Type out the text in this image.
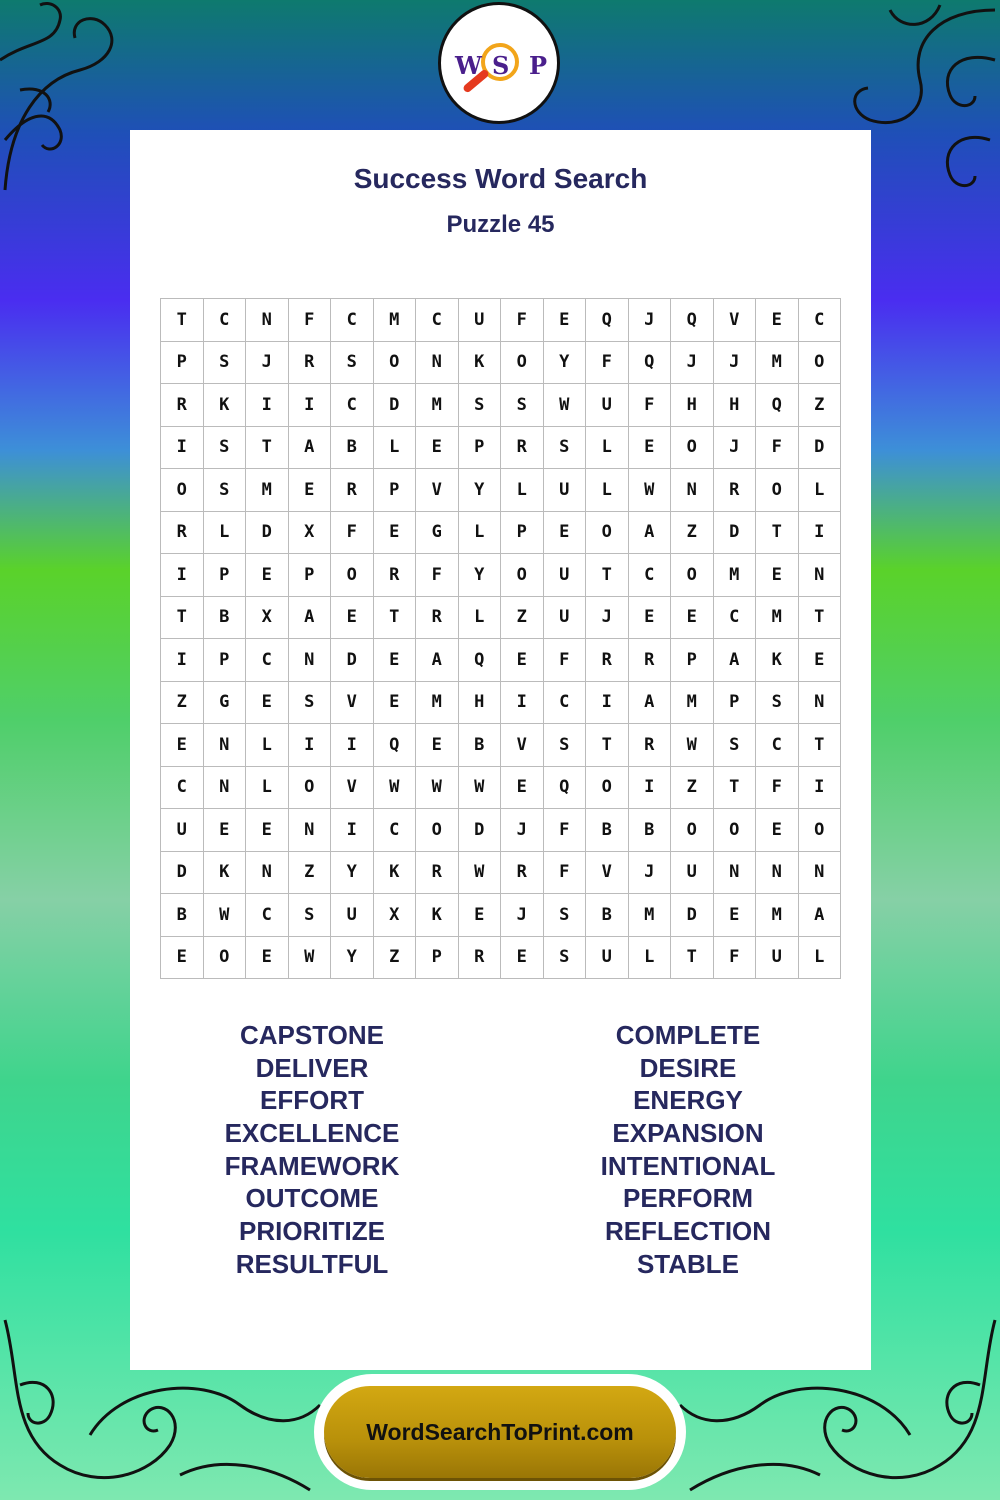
W S P
Success Word Search
Puzzle 45
T	C	N	F	C	M	C	U	F	E	Q	J	Q	V	E	C
P	S	J	R	S	O	N	K	O	Y	F	Q	J	J	M	O
R	K	I	I	C	D	M	S	S	W	U	F	H	H	Q	Z
I	S	T	A	B	L	E	P	R	S	L	E	O	J	F	D
O	S	M	E	R	P	V	Y	L	U	L	W	N	R	O	L
R	L	D	X	F	E	G	L	P	E	O	A	Z	D	T	I
I	P	E	P	O	R	F	Y	O	U	T	C	O	M	E	N
T	B	X	A	E	T	R	L	Z	U	J	E	E	C	M	T
I	P	C	N	D	E	A	Q	E	F	R	R	P	A	K	E
Z	G	E	S	V	E	M	H	I	C	I	A	M	P	S	N
E	N	L	I	I	Q	E	B	V	S	T	R	W	S	C	T
C	N	L	O	V	W	W	W	E	Q	O	I	Z	T	F	I
U	E	E	N	I	C	O	D	J	F	B	B	O	O	E	O
D	K	N	Z	Y	K	R	W	R	F	V	J	U	N	N	N
B	W	C	S	U	X	K	E	J	S	B	M	D	E	M	A
E	O	E	W	Y	Z	P	R	E	S	U	L	T	F	U	L
CAPSTONE
DELIVER
EFFORT
EXCELLENCE
FRAMEWORK
OUTCOME
PRIORITIZE
RESULTFUL
COMPLETE
DESIRE
ENERGY
EXPANSION
INTENTIONAL
PERFORM
REFLECTION
STABLE
WordSearchToPrint.com
